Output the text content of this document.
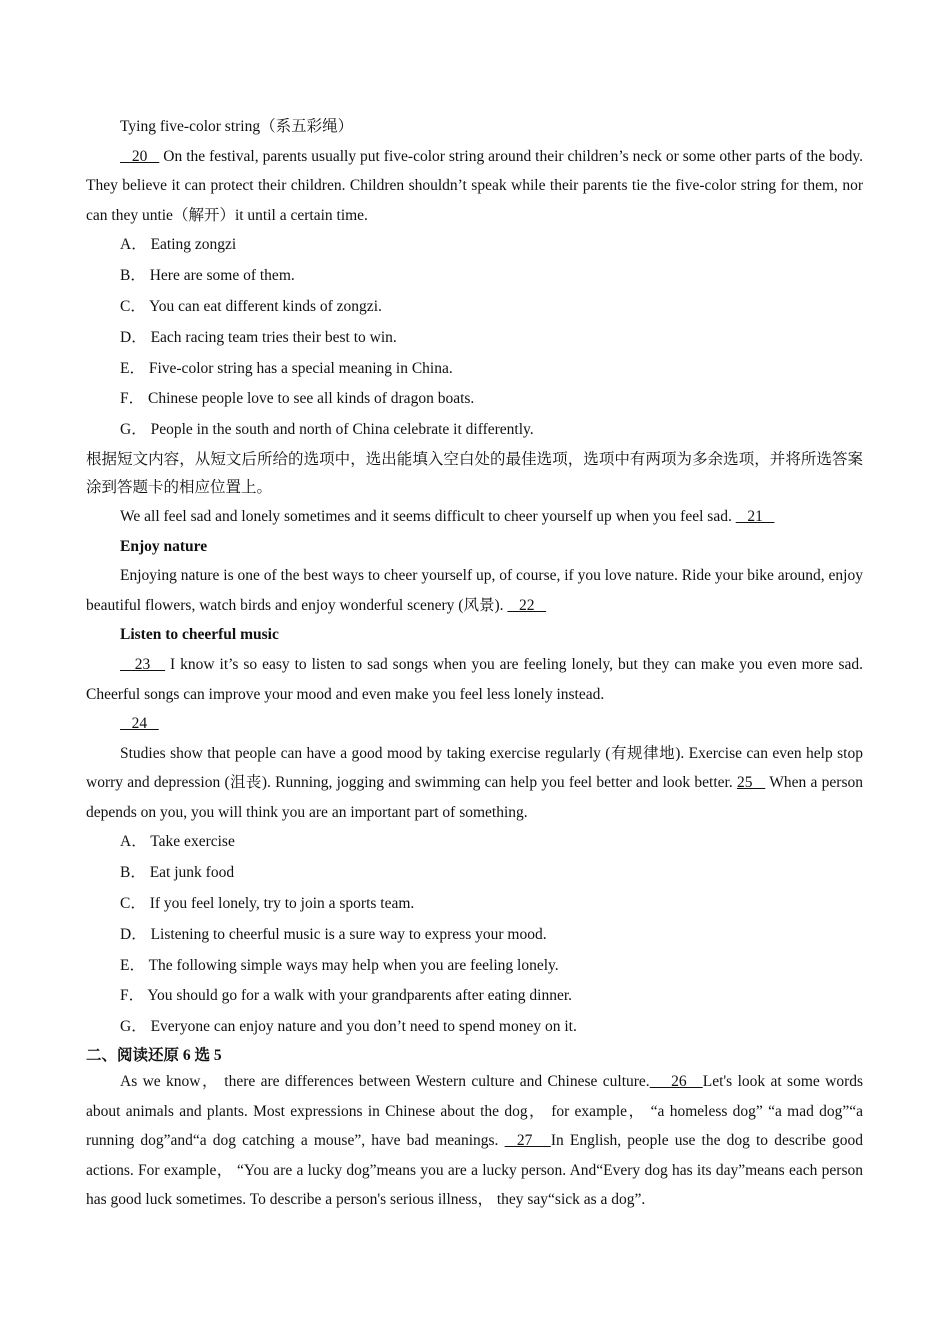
Tying five-color string（系五彩绳）

20    On the festival, parents usually put five-color string around their children’s neck or some other parts of the body. They believe it can protect their children. Children shouldn’t speak while their parents tie the five-color string for them, nor can they untie（解开）it until a certain time.

A． Eating zongzi

B． Here are some of them.

C． You can eat different kinds of zongzi.

D． Each racing team tries their best to win.

E． Five-color string has a special meaning in China.

F． Chinese people love to see all kinds of dragon boats.

G． People in the south and north of China celebrate it differently.

根据短文内容，从短文后所给的选项中，选出能填入空白处的最佳选项，选项中有两项为多余选项，并将所选答案涂到答题卡的相应位置上。

We all feel sad and lonely sometimes and it seems difficult to cheer yourself up when you feel sad.    21

Enjoy nature

Enjoying nature is one of the best ways to cheer yourself up, of course, if you love nature. Ride your bike around, enjoy beautiful flowers, watch birds and enjoy wonderful scenery (风景).    22

Listen to cheerful music

23    I know it’s so easy to listen to sad songs when you are feeling lonely, but they can make you even more sad. Cheerful songs can improve your mood and even make you feel less lonely instead.

24

Studies show that people can have a good mood by taking exercise regularly (有规律地). Exercise can even help stop worry and depression (沮丧). Running, jogging and swimming can help you feel better and look better. 25    When a person depends on you, you will think you are an important part of something.

A． Take exercise

B． Eat junk food

C． If you feel lonely, try to join a sports team.

D． Listening to cheerful music is a sure way to express your mood.

E． The following simple ways may help when you are feeling lonely.

F． You should go for a walk with your grandparents after eating dinner.

G． Everyone can enjoy nature and you don’t need to spend money on it.

二、阅读还原 6 选 5

As we know， there are differences between Western culture and Chinese culture.    26   Let's look at some words about animals and plants. Most expressions in Chinese about the dog， for example， “a homeless dog” “a mad dog”“a running dog”and“a dog catching a mouse”, have bad meanings.   27   In English, people use the dog to describe good actions. For example， “You are a lucky dog”means you are a lucky person. And“Every dog has its day”means each person has good luck sometimes. To describe a person's serious illness， they say“sick as a dog”.
